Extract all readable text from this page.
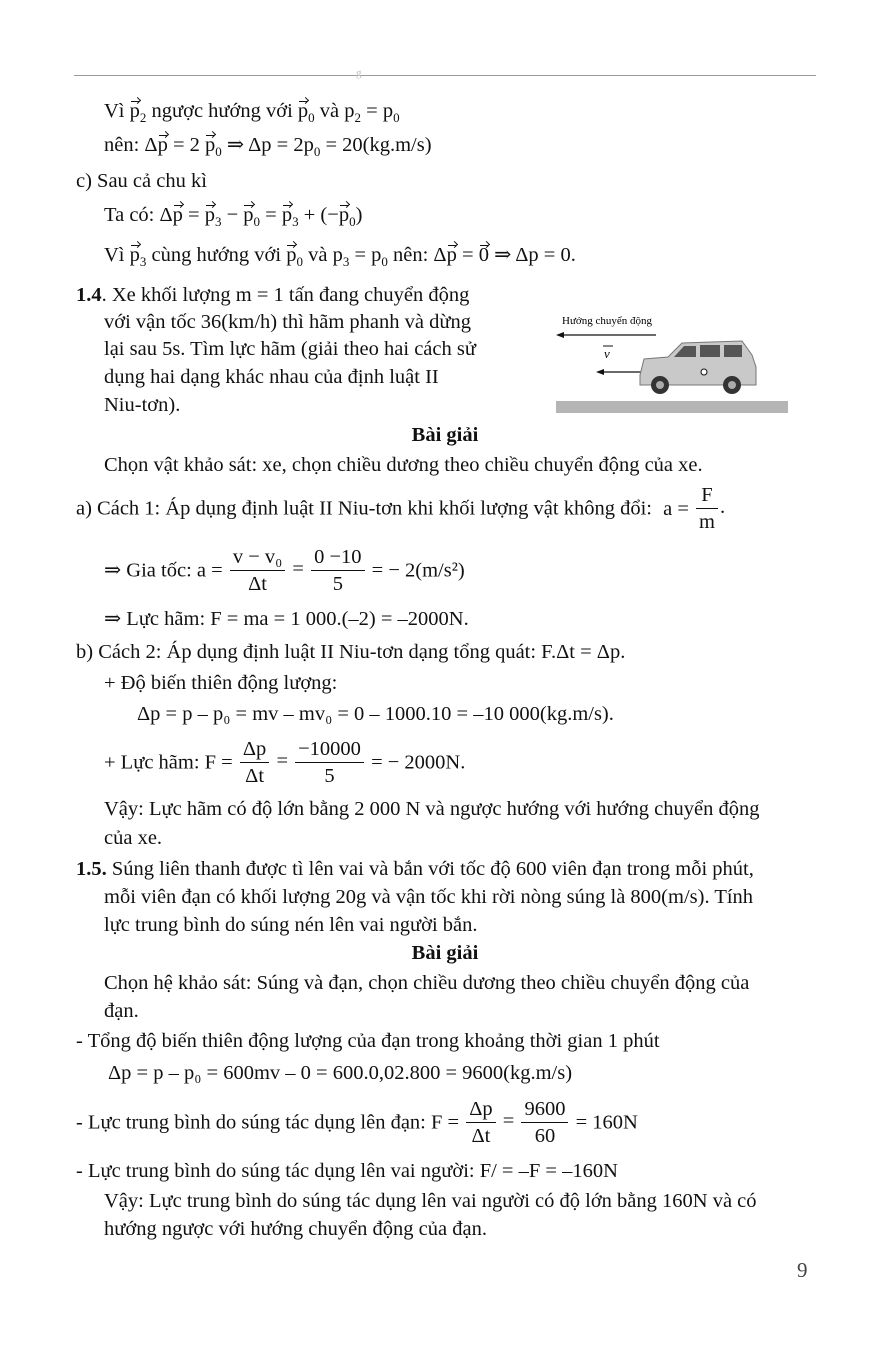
g
Vì $p_2$ ngược hướng với $p_0$ và $p_2 = p_0$
nên: Δp = 2 $p_0$ ⇒ $\Delta p = 2p_0 = 20(kg.m/s)$
c) Sau cả chu kì
Ta có: $\Delta p = p_3 - p_0 = p_3 + (-p_0)$
Vì $p_3$ cùng hướng với $p_0$ và $p_3 = p_0$ nên: Δp = 0 ⇒ Δp = 0.
1.4. Xe khối lượng m = 1 tấn đang chuyển động
với vận tốc 36(km/h) thì hãm phanh và dừng
lại sau 5s. Tìm lực hãm (giải theo hai cách sử
dụng hai dạng khác nhau của định luật II
Niu-tơn).
Hướng chuyển động
v
Bài giải
Chọn vật khảo sát: xe, chọn chiều dương theo chiều chuyển động của xe.
a) Cách 1: Áp dụng định luật II Niu-tơn khi khối lượng vật không đổi: $a = \frac{F}{m}$ .
⇒ Gia tốc: $a = \frac{\text{v − v₀}}{\Delta t} = \frac{0 -10}{5}$ = − 2(m/s²)
⇒ Lực hãm: F = ma = 1 000.(–2) = –2000N.
b) Cách 2: Áp dụng định luật II Niu-tơn dạng tổng quát: F.Δt = Δp.
+ Độ biến thiên động lượng:
Δp = p – p₀ = mv – mv₀ = 0 – 1000.10 = –10 000(kg.m/s).
+ Lực hãm: $F = \frac{\Delta p}{\Delta t} = \frac{-10000}{5}$ = − 2000N.
Vậy: Lực hãm có độ lớn bằng 2 000 N và ngược hướng với hướng chuyển động
của xe.
1.5. Súng liên thanh được tì lên vai và bắn với tốc độ 600 viên đạn trong mỗi phút,
mỗi viên đạn có khối lượng 20g và vận tốc khi rời nòng súng là 800(m/s). Tính
lực trung bình do súng nén lên vai người bắn.
Bài giải
Chọn hệ khảo sát: Súng và đạn, chọn chiều dương theo chiều chuyển động của
đạn.
- Tổng độ biến thiên động lượng của đạn trong khoảng thời gian 1 phút
Δp = p – p₀ = 600mv – 0 = 600.0,02.800 = 9600(kg.m/s)
- Lực trung bình do súng tác dụng lên đạn: $F = \frac{\Delta p}{\Delta t} = \frac{9600}{60} = 160N$
- Lực trung bình do súng tác dụng lên vai người: F/ = –F = –160N
Vậy: Lực trung bình do súng tác dụng lên vai người có độ lớn bằng 160N và có
hướng ngược với hướng chuyển động của đạn.
9
